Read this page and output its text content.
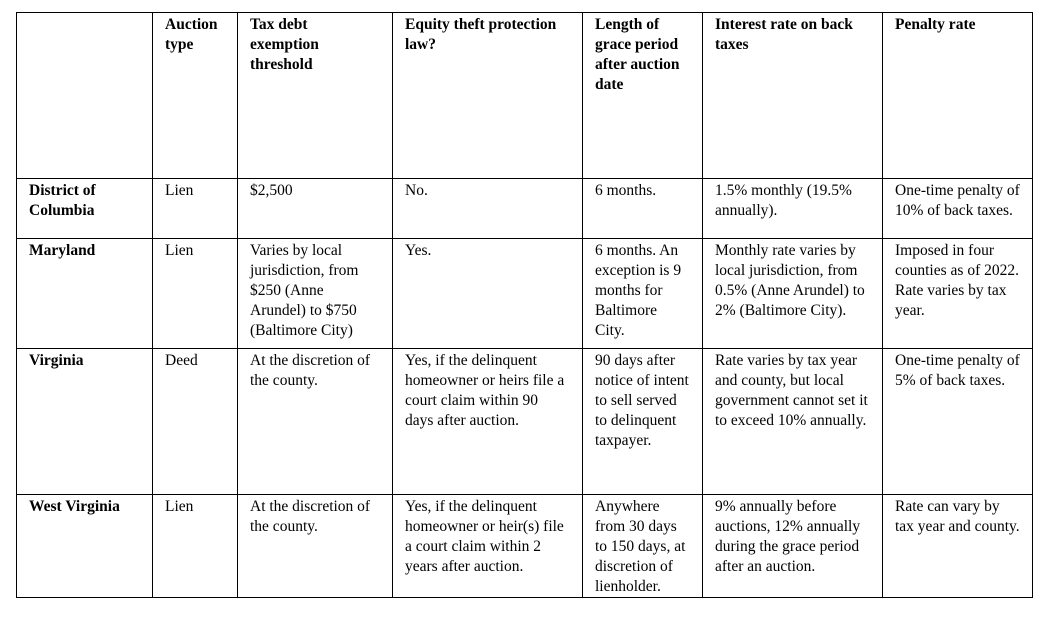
	Auction type	Tax debt exemption threshold	Equity theft protection law?	Length of grace period after auction date	Interest rate on back taxes	Penalty rate
District of Columbia	Lien	$2,500	No.	6 months.	1.5% monthly (19.5% annually).	One-time penalty of 10% of back taxes.
Maryland	Lien	Varies by local jurisdiction, from $250 (Anne Arundel) to $750 (Baltimore City)	Yes.	6 months. An exception is 9 months for Baltimore City.	Monthly rate varies by local jurisdiction, from 0.5% (Anne Arundel) to 2% (Baltimore City).	Imposed in four counties as of 2022. Rate varies by tax year.
Virginia	Deed	At the discretion of the county.	Yes, if the delinquent homeowner or heirs file a court claim within 90 days after auction.	90 days after notice of intent to sell served to delinquent taxpayer.	Rate varies by tax year and county, but local government cannot set it to exceed 10% annually.	One-time penalty of 5% of back taxes.
West Virginia	Lien	At the discretion of the county.	Yes, if the delinquent homeowner or heir(s) file a court claim within 2 years after auction.	Anywhere from 30 days to 150 days, at discretion of lienholder.	9% annually before auctions, 12% annually during the grace period after an auction.	Rate can vary by tax year and county.
